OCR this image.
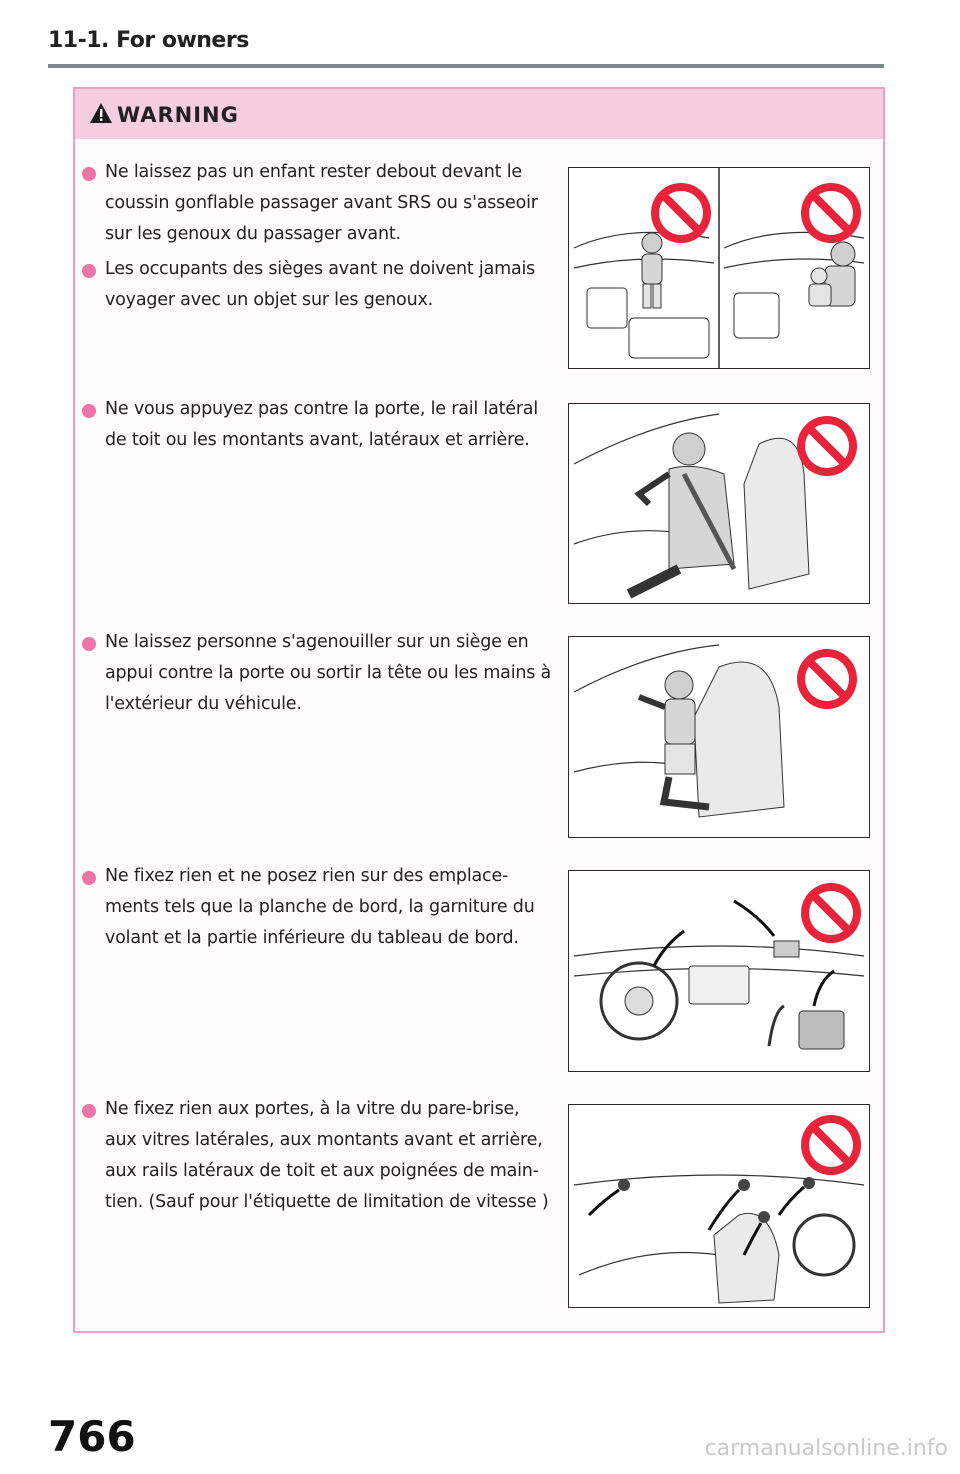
11-1. For owners
WARNING
Ne laissez pas un enfant rester debout devant le coussin gonflable passager avant SRS ou s'asseoir sur les genoux du passager avant.
Les occupants des sièges avant ne doivent jamais voyager avec un objet sur les genoux.
Ne vous appuyez pas contre la porte, le rail latéral de toit ou les montants avant, latéraux et arrière.
Ne laissez personne s'agenouiller sur un siège en appui contre la porte ou sortir la tête ou les mains à l'extérieur du véhicule.
Ne fixez rien et ne posez rien sur des emplace-ments tels que la planche de bord, la garniture du volant et la partie inférieure du tableau de bord.
Ne fixez rien aux portes, à la vitre du pare-brise, aux vitres latérales, aux montants avant et arrière, aux rails latéraux de toit et aux poignées de main-tien. (Sauf pour l'étiquette de limitation de vitesse )
766	carmanualsonline.info
